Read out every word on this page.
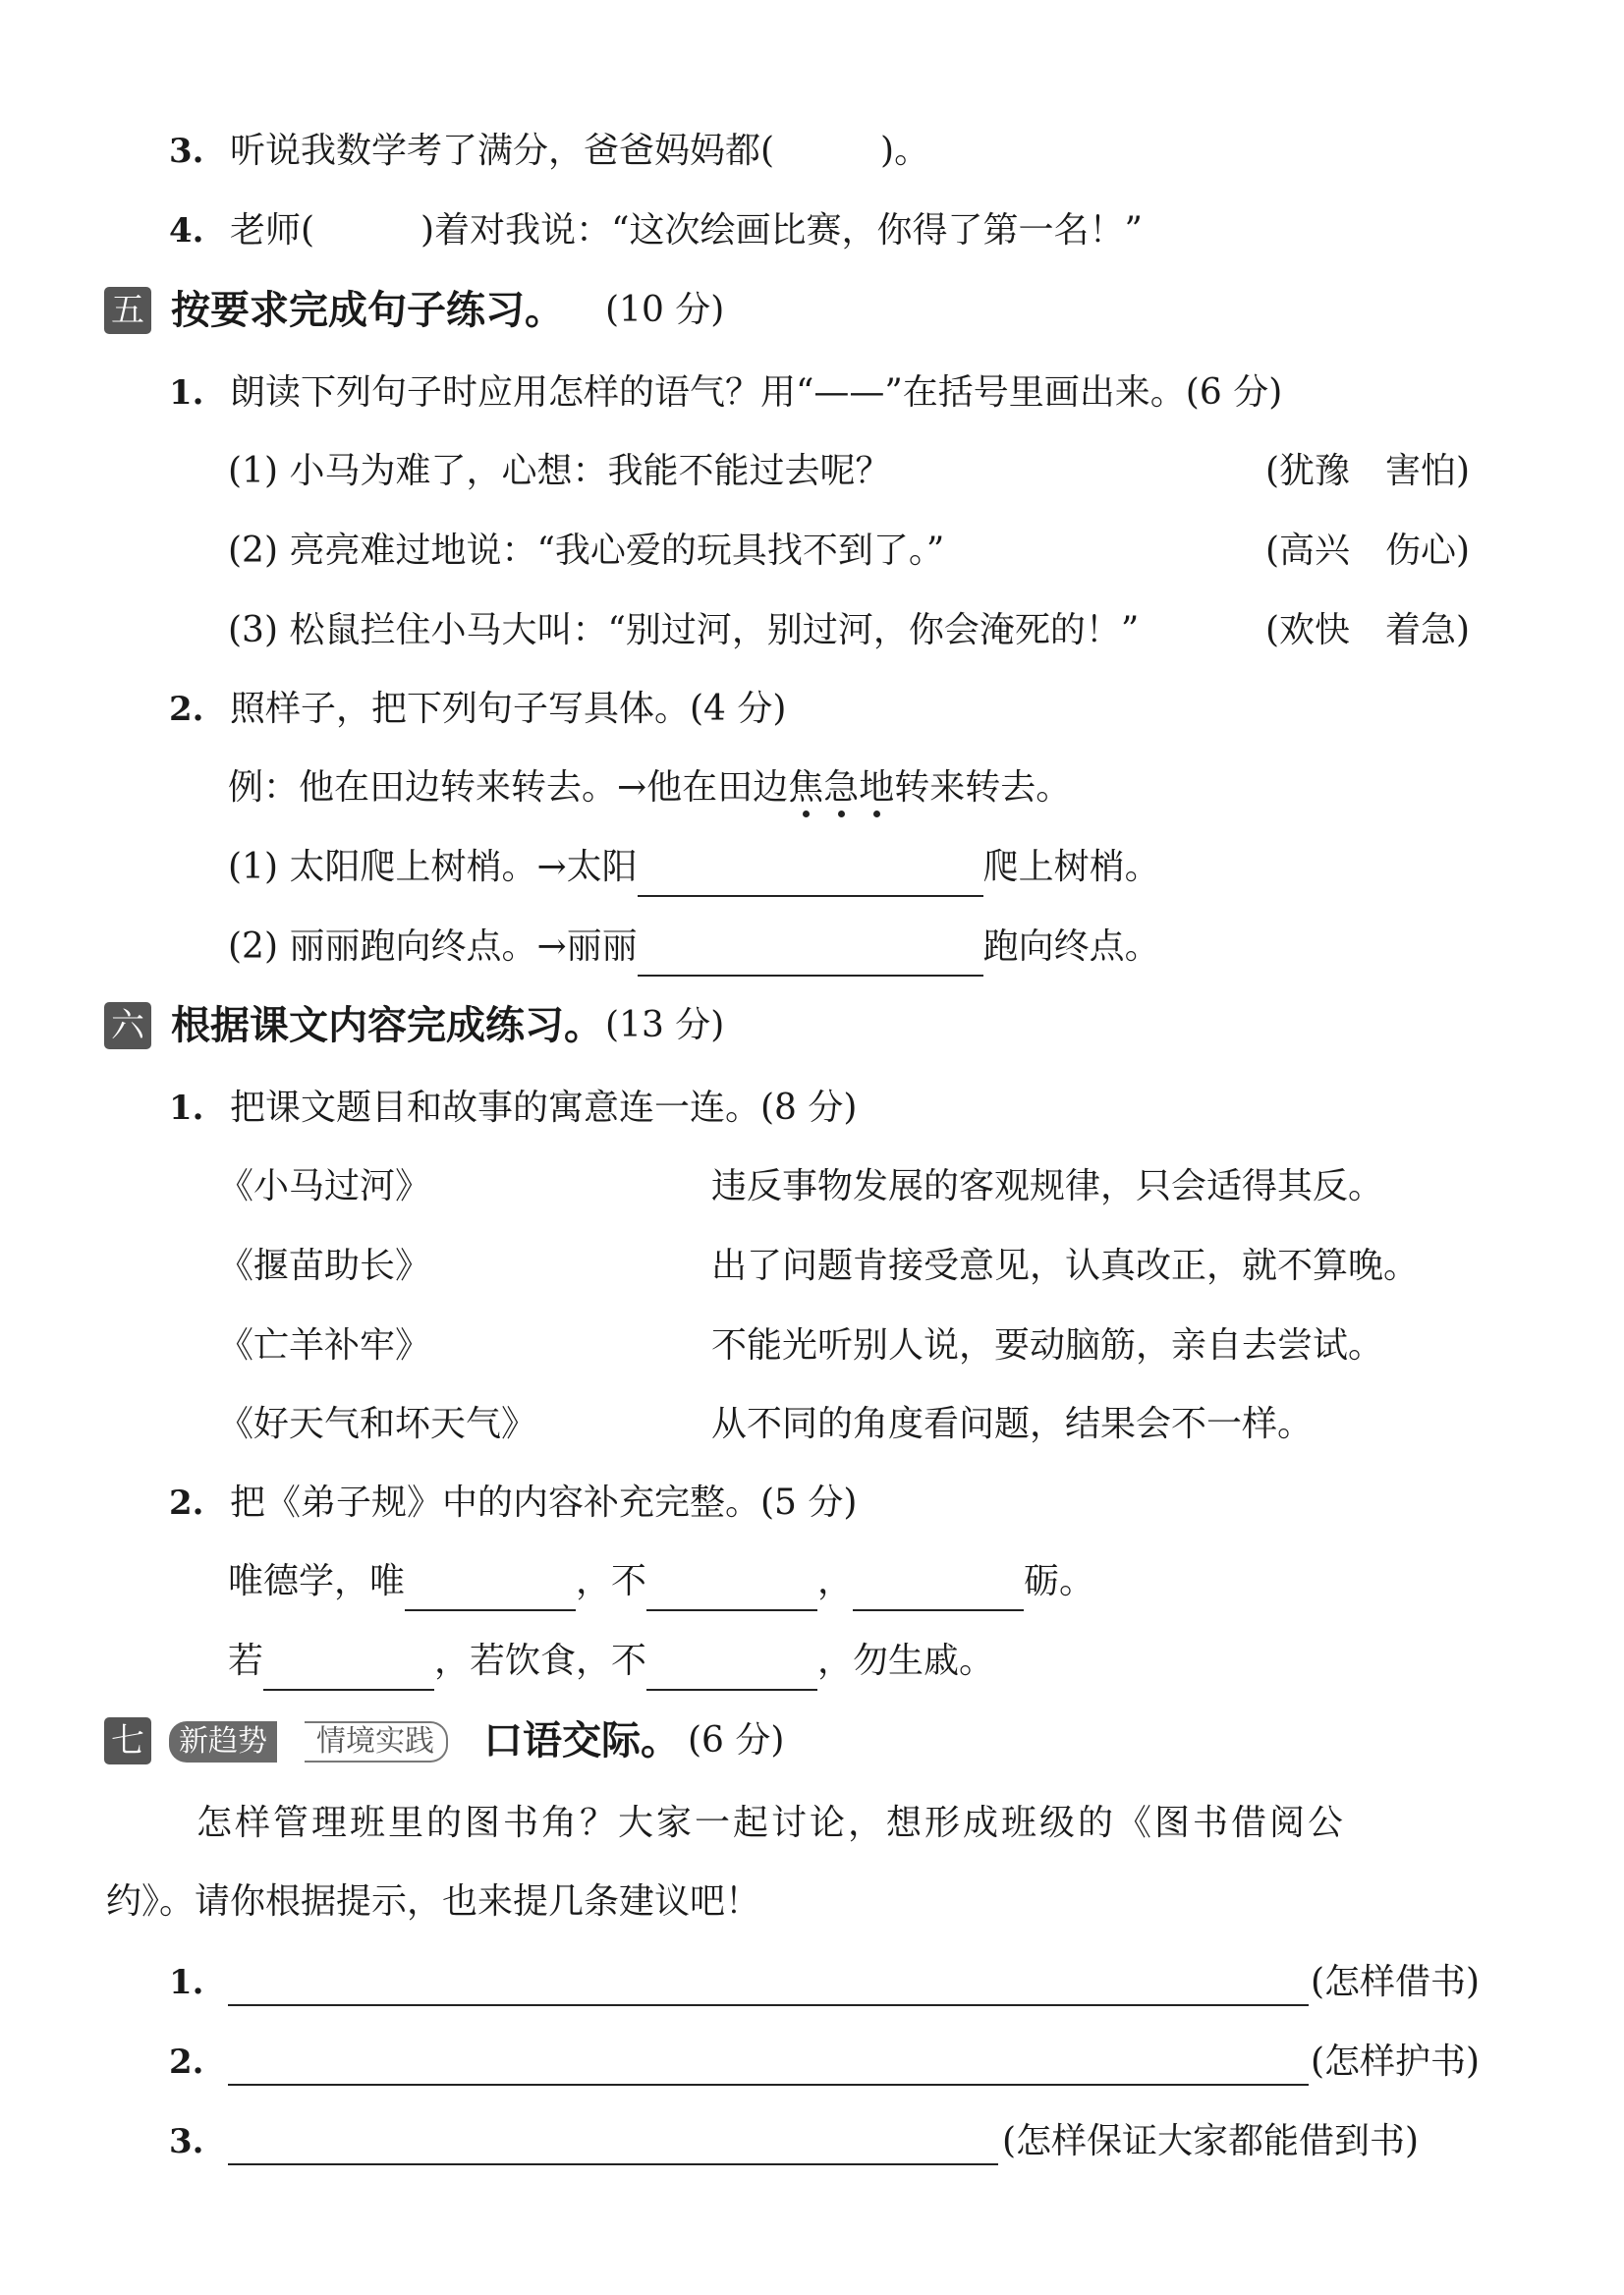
3. 听说我数学考了满分，爸爸妈妈都(　　　)。
4. 老师(　　　)着对我说：“这次绘画比赛，你得了第一名！”
五 按要求完成句子练习。 (10 分)
1. 朗读下列句子时应用怎样的语气？用“——”在括号里画出来。(6 分)
(1) 小马为难了，心想：我能不能过去呢？	(犹豫　害怕)
(2) 亮亮难过地说：“我心爱的玩具找不到了。”	(高兴　伤心)
(3) 松鼠拦住小马大叫：“别过河，别过河，你会淹死的！”	(欢快　着急)
2. 照样子，把下列句子写具体。(4 分)
例：他在田边转来转去。→他在田边焦急地转来转去。
(1) 太阳爬上树梢。→太阳	爬上树梢。
(2) 丽丽跑向终点。→丽丽	跑向终点。
六 根据课文内容完成练习。 (13 分)
1. 把课文题目和故事的寓意连一连。(8 分)
《小马过河》	违反事物发展的客观规律，只会适得其反。
《揠苗助长》	出了问题肯接受意见，认真改正，就不算晚。
《亡羊补牢》	不能光听别人说，要动脑筋，亲自去尝试。
《好天气和坏天气》	从不同的角度看问题，结果会不一样。
2. 把《弟子规》中的内容补充完整。(5 分)
唯德学，唯	，不	，	砺。
若	，若饮食，不	，勿生戚。
七	新趋势	情境实践	口语交际。 (6 分)
怎样管理班里的图书角？大家一起讨论，想形成班级的《图书借阅公
约》。请你根据提示，也来提几条建议吧！
1.	(怎样借书)
2.	(怎样护书)
3.	(怎样保证大家都能借到书)
